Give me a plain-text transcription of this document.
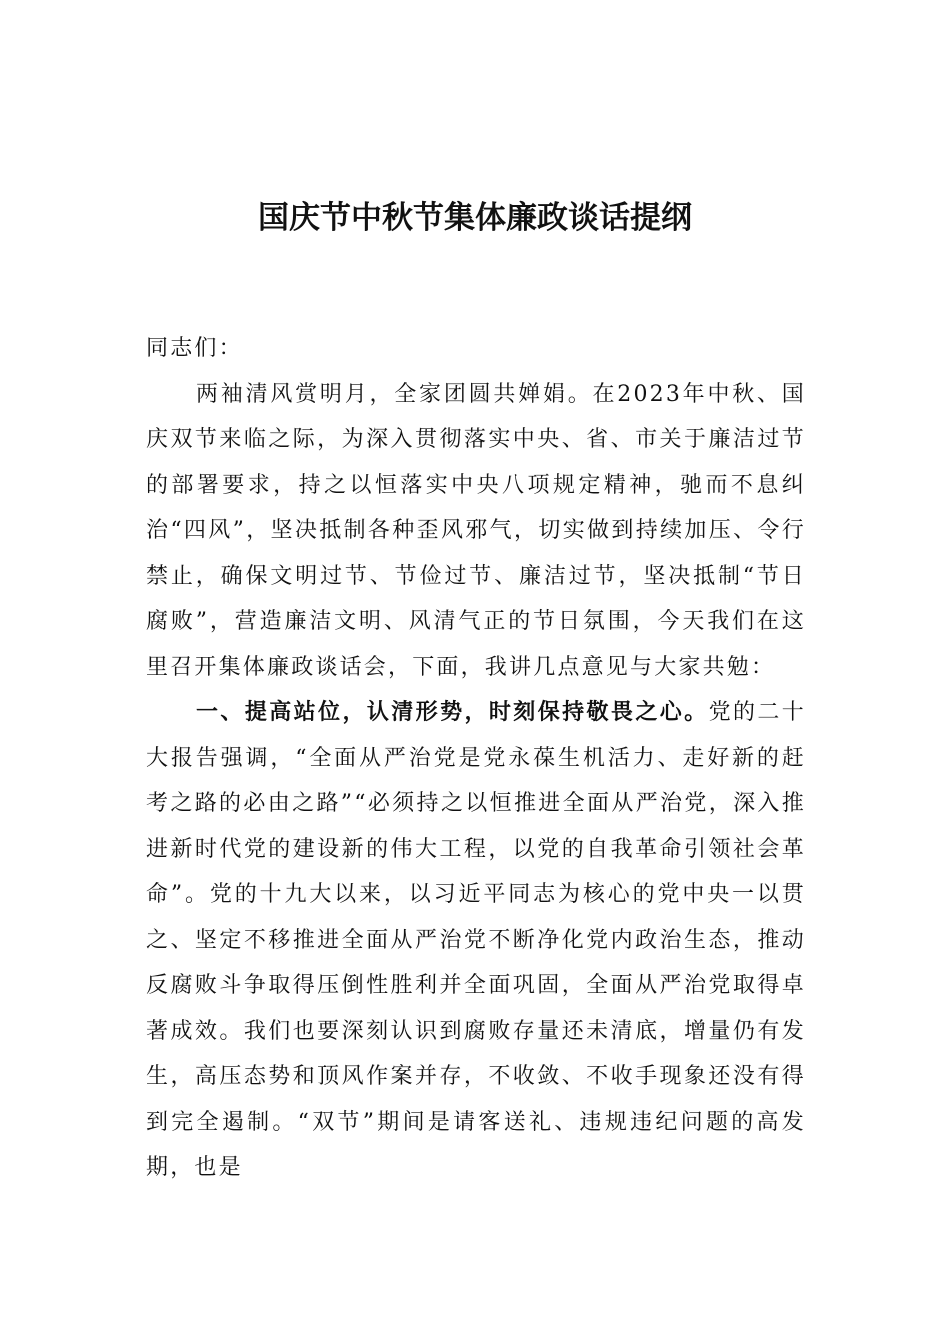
国庆节中秋节集体廉政谈话提纲

同志们：

两袖清风赏明月，全家团圆共婵娟。在2023年中秋、国庆双节来临之际，为深入贯彻落实中央、省、市关于廉洁过节的部署要求，持之以恒落实中央八项规定精神，驰而不息纠治“四风”，坚决抵制各种歪风邪气，切实做到持续加压、令行禁止，确保文明过节、节俭过节、廉洁过节，坚决抵制“节日腐败”，营造廉洁文明、风清气正的节日氛围，今天我们在这里召开集体廉政谈话会，下面，我讲几点意见与大家共勉：

一、提高站位，认清形势，时刻保持敬畏之心。党的二十大报告强调，“全面从严治党是党永葆生机活力、走好新的赶考之路的必由之路”“必须持之以恒推进全面从严治党，深入推进新时代党的建设新的伟大工程，以党的自我革命引领社会革命”。党的十九大以来，以习近平同志为核心的党中央一以贯之、坚定不移推进全面从严治党不断净化党内政治生态，推动反腐败斗争取得压倒性胜利并全面巩固，全面从严治党取得卓著成效。我们也要深刻认识到腐败存量还未清底，增量仍有发生，高压态势和顶风作案并存，不收敛、不收手现象还没有得到完全遏制。“双节”期间是请客送礼、违规违纪问题的高发期，也是
